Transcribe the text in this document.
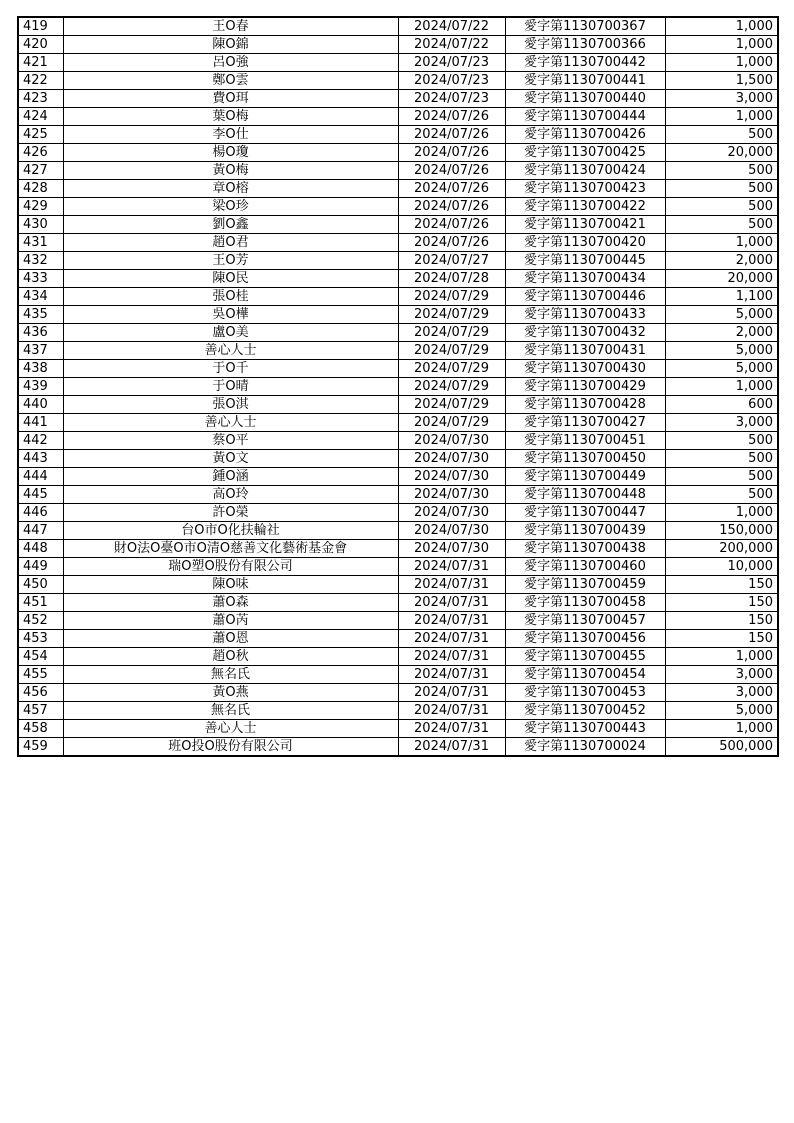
419	王O春	2024/07/22	愛字第1130700367	1,000
420	陳O錦	2024/07/22	愛字第1130700366	1,000
421	呂O強	2024/07/23	愛字第1130700442	1,000
422	鄭O雲	2024/07/23	愛字第1130700441	1,500
423	費O珥	2024/07/23	愛字第1130700440	3,000
424	葉O梅	2024/07/26	愛字第1130700444	1,000
425	李O仕	2024/07/26	愛字第1130700426	500
426	楊O瓊	2024/07/26	愛字第1130700425	20,000
427	黃O梅	2024/07/26	愛字第1130700424	500
428	章O榕	2024/07/26	愛字第1130700423	500
429	梁O珍	2024/07/26	愛字第1130700422	500
430	劉O鑫	2024/07/26	愛字第1130700421	500
431	趙O君	2024/07/26	愛字第1130700420	1,000
432	王O芳	2024/07/27	愛字第1130700445	2,000
433	陳O民	2024/07/28	愛字第1130700434	20,000
434	張O桂	2024/07/29	愛字第1130700446	1,100
435	吳O樺	2024/07/29	愛字第1130700433	5,000
436	盧O美	2024/07/29	愛字第1130700432	2,000
437	善心人士	2024/07/29	愛字第1130700431	5,000
438	于O千	2024/07/29	愛字第1130700430	5,000
439	于O晴	2024/07/29	愛字第1130700429	1,000
440	張O淇	2024/07/29	愛字第1130700428	600
441	善心人士	2024/07/29	愛字第1130700427	3,000
442	蔡O平	2024/07/30	愛字第1130700451	500
443	黃O文	2024/07/30	愛字第1130700450	500
444	鍾O涵	2024/07/30	愛字第1130700449	500
445	高O玲	2024/07/30	愛字第1130700448	500
446	許O榮	2024/07/30	愛字第1130700447	1,000
447	台O市O化扶輪社	2024/07/30	愛字第1130700439	150,000
448	財O法O臺O市O清O慈善文化藝術基金會	2024/07/30	愛字第1130700438	200,000
449	瑞O塑O股份有限公司	2024/07/31	愛字第1130700460	10,000
450	陳O味	2024/07/31	愛字第1130700459	150
451	蕭O森	2024/07/31	愛字第1130700458	150
452	蕭O芮	2024/07/31	愛字第1130700457	150
453	蕭O恩	2024/07/31	愛字第1130700456	150
454	趙O秋	2024/07/31	愛字第1130700455	1,000
455	無名氏	2024/07/31	愛字第1130700454	3,000
456	黃O燕	2024/07/31	愛字第1130700453	3,000
457	無名氏	2024/07/31	愛字第1130700452	5,000
458	善心人士	2024/07/31	愛字第1130700443	1,000
459	班O投O股份有限公司	2024/07/31	愛字第1130700024	500,000
